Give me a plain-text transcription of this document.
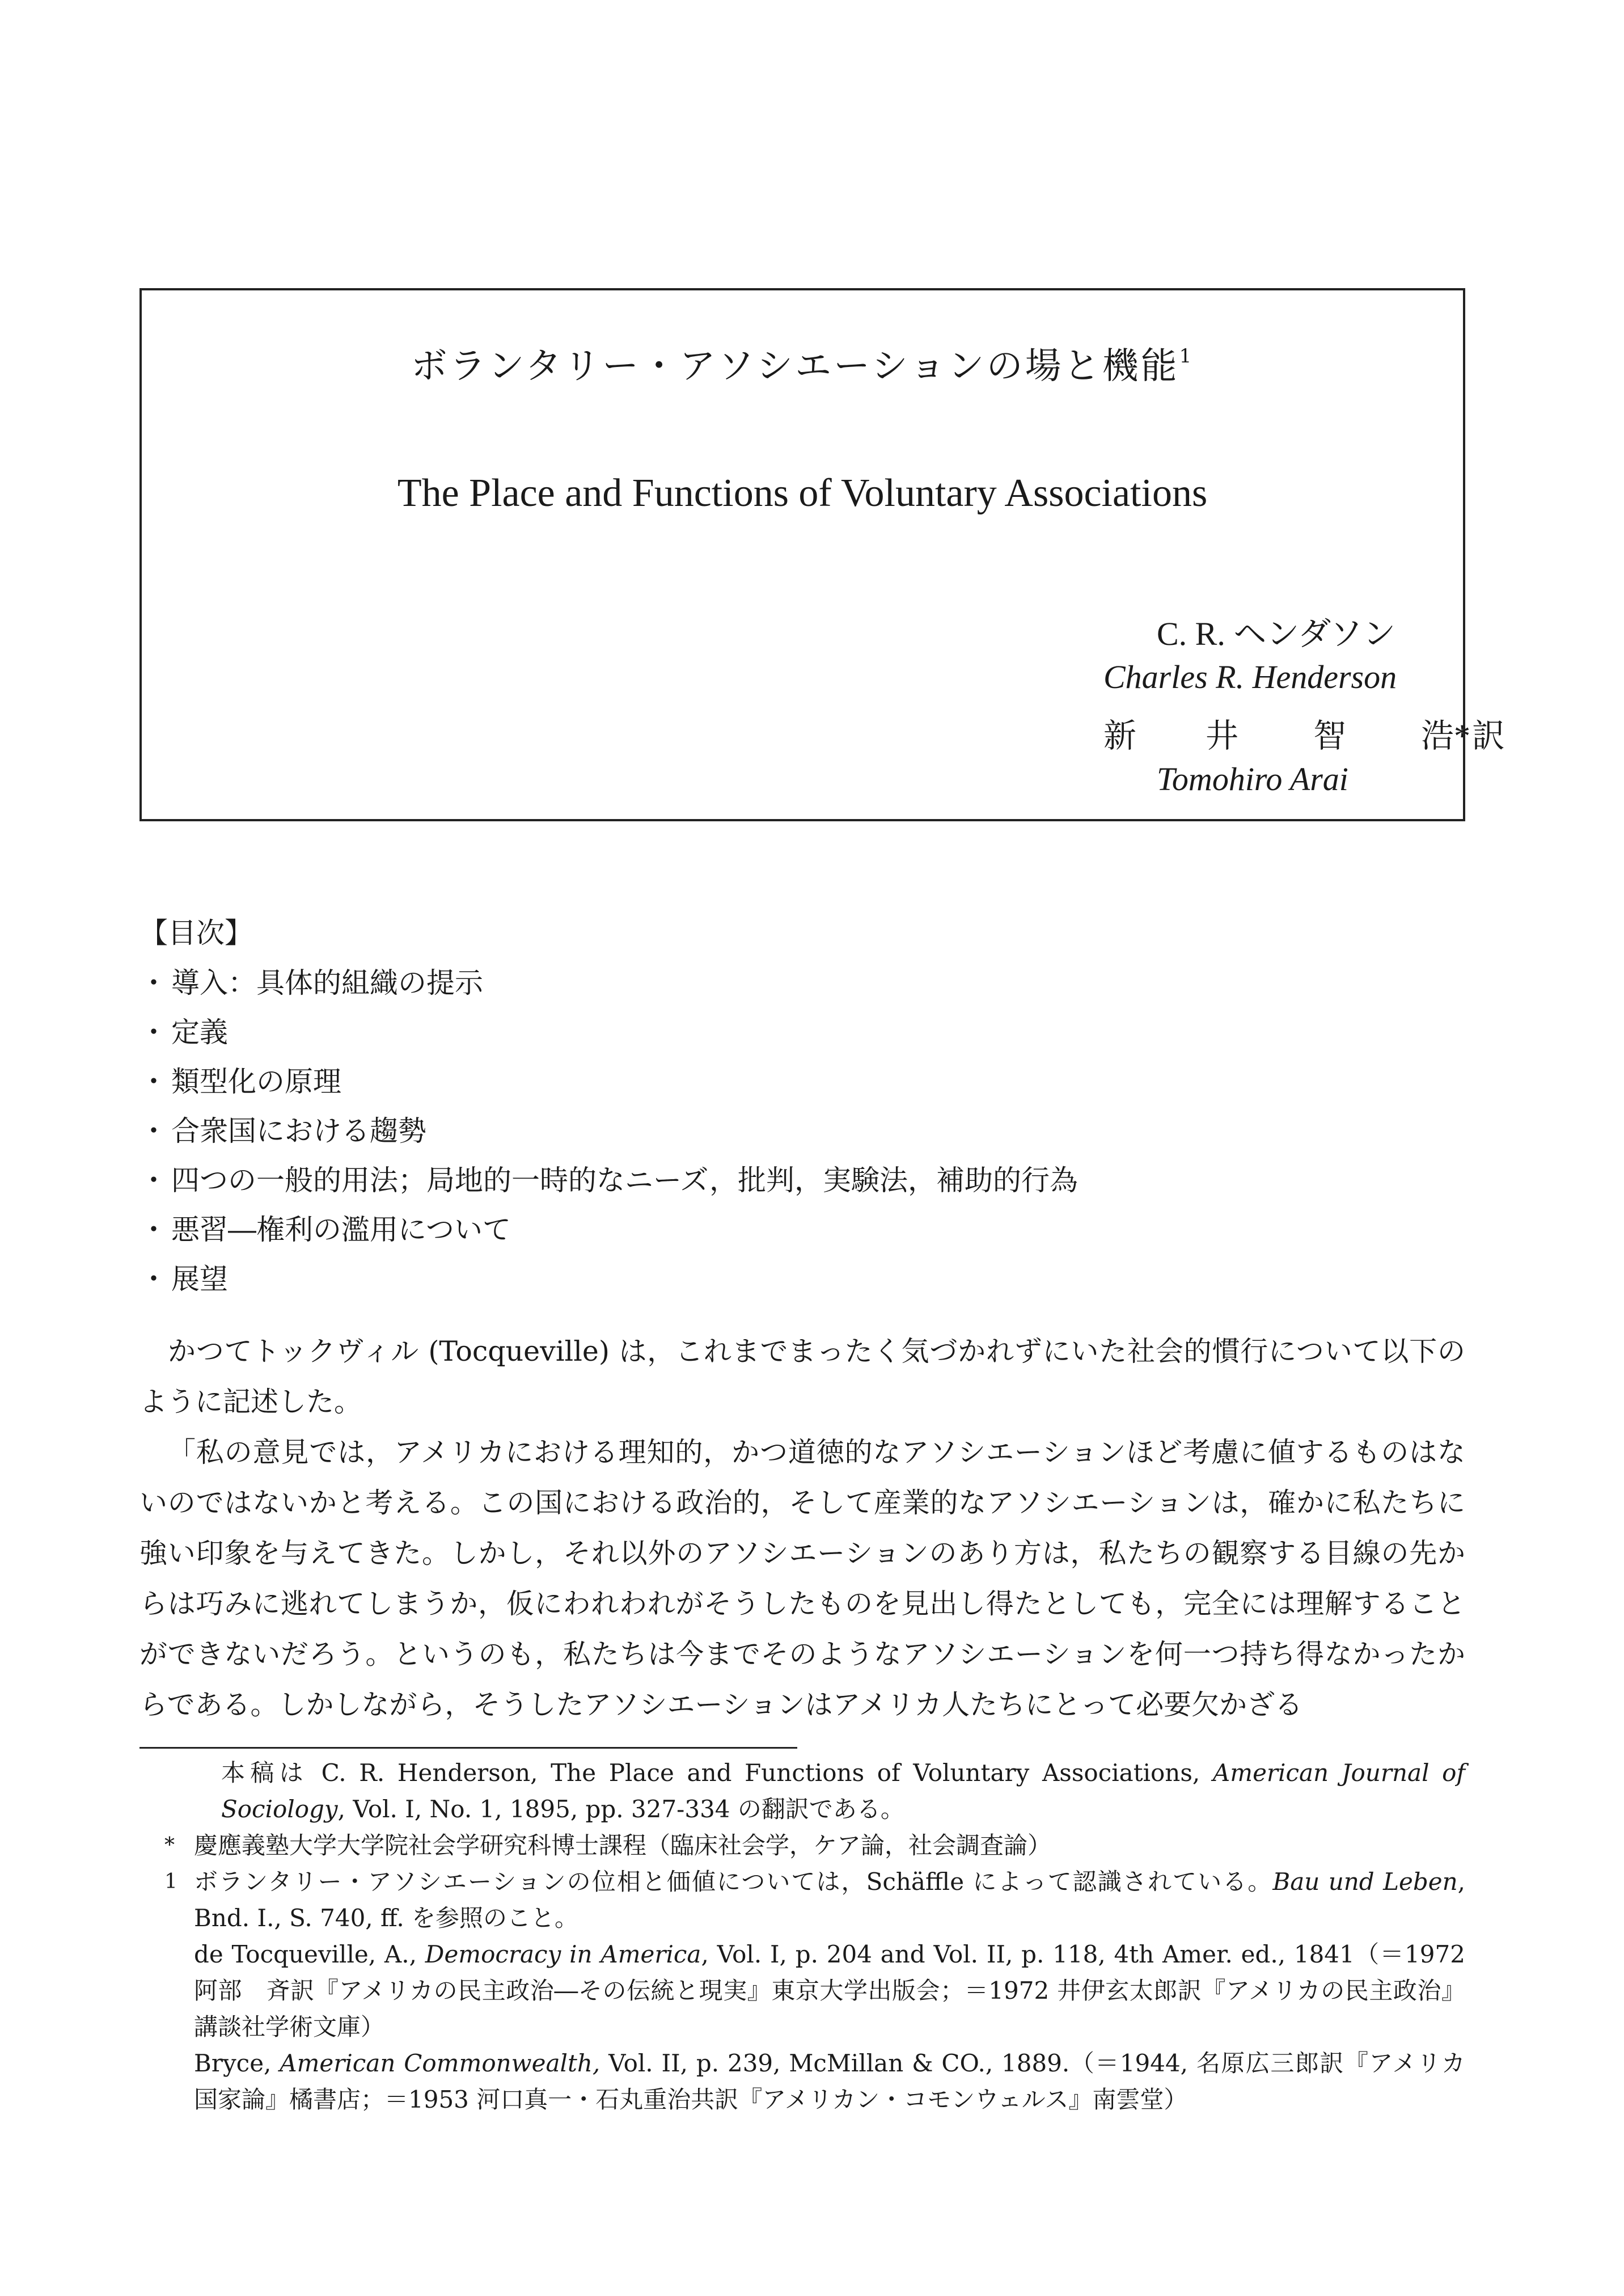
ボランタリー・アソシエーションの場と機能$^1$
The Place and Functions of Voluntary Associations
C. R. ヘンダソン
Charles R. Henderson
新 井 智 浩*訳
Tomohiro Arai
【目次】
・ 導入：具体的組織の提示
・ 定義
・ 類型化の原理
・ 合衆国における趨勢
・ 四つの一般的用法；局地的一時的なニーズ，批判，実験法，補助的行為
・ 悪習―権利の濫用について
・ 展望

かつてトックヴィル (Tocqueville) は，これまでまったく気づかれずにいた社会的慣行について以下のように記述した。

「私の意見では，アメリカにおける理知的，かつ道徳的なアソシエーションほど考慮に値するものはないのではないかと考える。この国における政治的，そして産業的なアソシエーションは，確かに私たちに強い印象を与えてきた。しかし，それ以外のアソシエーションのあり方は，私たちの観察する目線の先からは巧みに逃れてしまうか，仮にわれわれがそうしたものを見出し得たとしても，完全には理解することができないだろう。というのも，私たちは今までそのようなアソシエーションを何一つ持ち得なかったからである。しかしながら，そうしたアソシエーションはアメリカ人たちにとって必要欠かざる

本稿は C. R. Henderson, The Place and Functions of Voluntary Associations, American Journal of Sociology, Vol. I, No. 1, 1895, pp. 327-334 の翻訳である。
* 慶應義塾大学大学院社会学研究科博士課程（臨床社会学，ケア論，社会調査論）
1 ボランタリー・アソシエーションの位相と価値については，Schäffle によって認識されている。Bau und Leben, Bnd. I., S. 740, ff. を参照のこと。
de Tocqueville, A., Democracy in America, Vol. I, p. 204 and Vol. II, p. 118, 4th Amer. ed., 1841（＝1972 阿部　斉訳『アメリカの民主政治―その伝統と現実』東京大学出版会；＝1972 井伊玄太郎訳『アメリカの民主政治』講談社学術文庫）
Bryce, American Commonwealth, Vol. II, p. 239, McMillan & CO., 1889.（＝1944, 名原広三郎訳『アメリカ国家論』橘書店；＝1953 河口真一・石丸重治共訳『アメリカン・コモンウェルス』南雲堂）
